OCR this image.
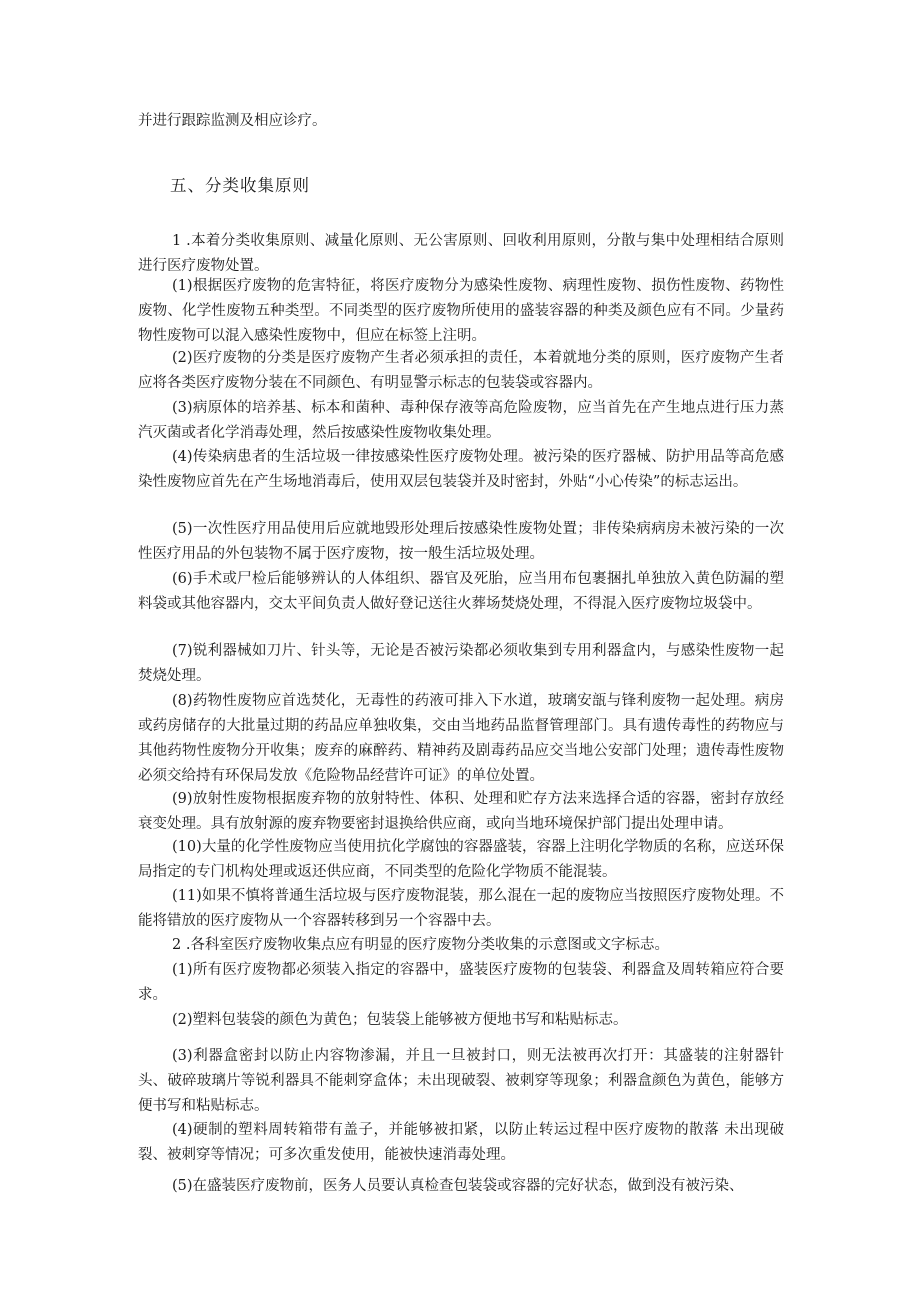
并进行跟踪监测及相应诊疗。

五、分类收集原则

1 .本着分类收集原则、减量化原则、无公害原则、回收利用原则，分散与集中处理相结合原则进行医疗废物处置。

(1)根据医疗废物的危害特征，将医疗废物分为感染性废物、病理性废物、损伤性废物、药物性废物、化学性废物五种类型。不同类型的医疗废物所使用的盛装容器的种类及颜色应有不同。少量药物性废物可以混入感染性废物中，但应在标签上注明。

(2)医疗废物的分类是医疗废物产生者必须承担的责任，本着就地分类的原则，医疗废物产生者应将各类医疗废物分装在不同颜色、有明显警示标志的包装袋或容器内。

(3)病原体的培养基、标本和菌种、毒种保存液等高危险废物，应当首先在产生地点进行压力蒸汽灭菌或者化学消毒处理，然后按感染性废物收集处理。

(4)传染病患者的生活垃圾一律按感染性医疗废物处理。被污染的医疗器械、防护用品等高危感染性废物应首先在产生场地消毒后，使用双层包装袋并及时密封，外贴“小心传染”的标志运出。

(5)一次性医疗用品使用后应就地毁形处理后按感染性废物处置；非传染病病房未被污染的一次性医疗用品的外包装物不属于医疗废物，按一般生活垃圾处理。

(6)手术或尸检后能够辨认的人体组织、器官及死胎，应当用布包裹捆扎单独放入黄色防漏的塑料袋或其他容器内，交太平间负责人做好登记送往火葬场焚烧处理，不得混入医疗废物垃圾袋中。

(7)锐利器械如刀片、针头等，无论是否被污染都必须收集到专用利器盒内，与感染性废物一起焚烧处理。

(8)药物性废物应首选焚化，无毒性的药液可排入下水道，玻璃安瓿与锋利废物一起处理。病房或药房储存的大批量过期的药品应单独收集，交由当地药品监督管理部门。具有遗传毒性的药物应与其他药物性废物分开收集；废弃的麻醉药、精神药及剧毒药品应交当地公安部门处理；遗传毒性废物必须交给持有环保局发放《危险物品经营许可证》的单位处置。

(9)放射性废物根据废弃物的放射特性、体积、处理和贮存方法来选择合适的容器，密封存放经衰变处理。具有放射源的废弃物要密封退换给供应商，或向当地环境保护部门提出处理申请。

(10)大量的化学性废物应当使用抗化学腐蚀的容器盛装，容器上注明化学物质的名称，应送环保局指定的专门机构处理或返还供应商，不同类型的危险化学物质不能混装。

(11)如果不慎将普通生活垃圾与医疗废物混装，那么混在一起的废物应当按照医疗废物处理。不能将错放的医疗废物从一个容器转移到另一个容器中去。

2 .各科室医疗废物收集点应有明显的医疗废物分类收集的示意图或文字标志。

(1)所有医疗废物都必须装入指定的容器中，盛装医疗废物的包装袋、利器盒及周转箱应符合要求。

(2)塑料包装袋的颜色为黄色；包装袋上能够被方便地书写和粘贴标志。

(3)利器盒密封以防止内容物渗漏，并且一旦被封口，则无法被再次打开：其盛装的注射器针头、破碎玻璃片等锐利器具不能刺穿盒体；未出现破裂、被刺穿等现象；利器盒颜色为黄色，能够方便书写和粘贴标志。

(4)硬制的塑料周转箱带有盖子，并能够被扣紧，以防止转运过程中医疗废物的散落 未出现破裂、被刺穿等情况；可多次重发使用，能被快速消毒处理。

(5)在盛装医疗废物前，医务人员要认真检查包装袋或容器的完好状态，做到没有被污染、
